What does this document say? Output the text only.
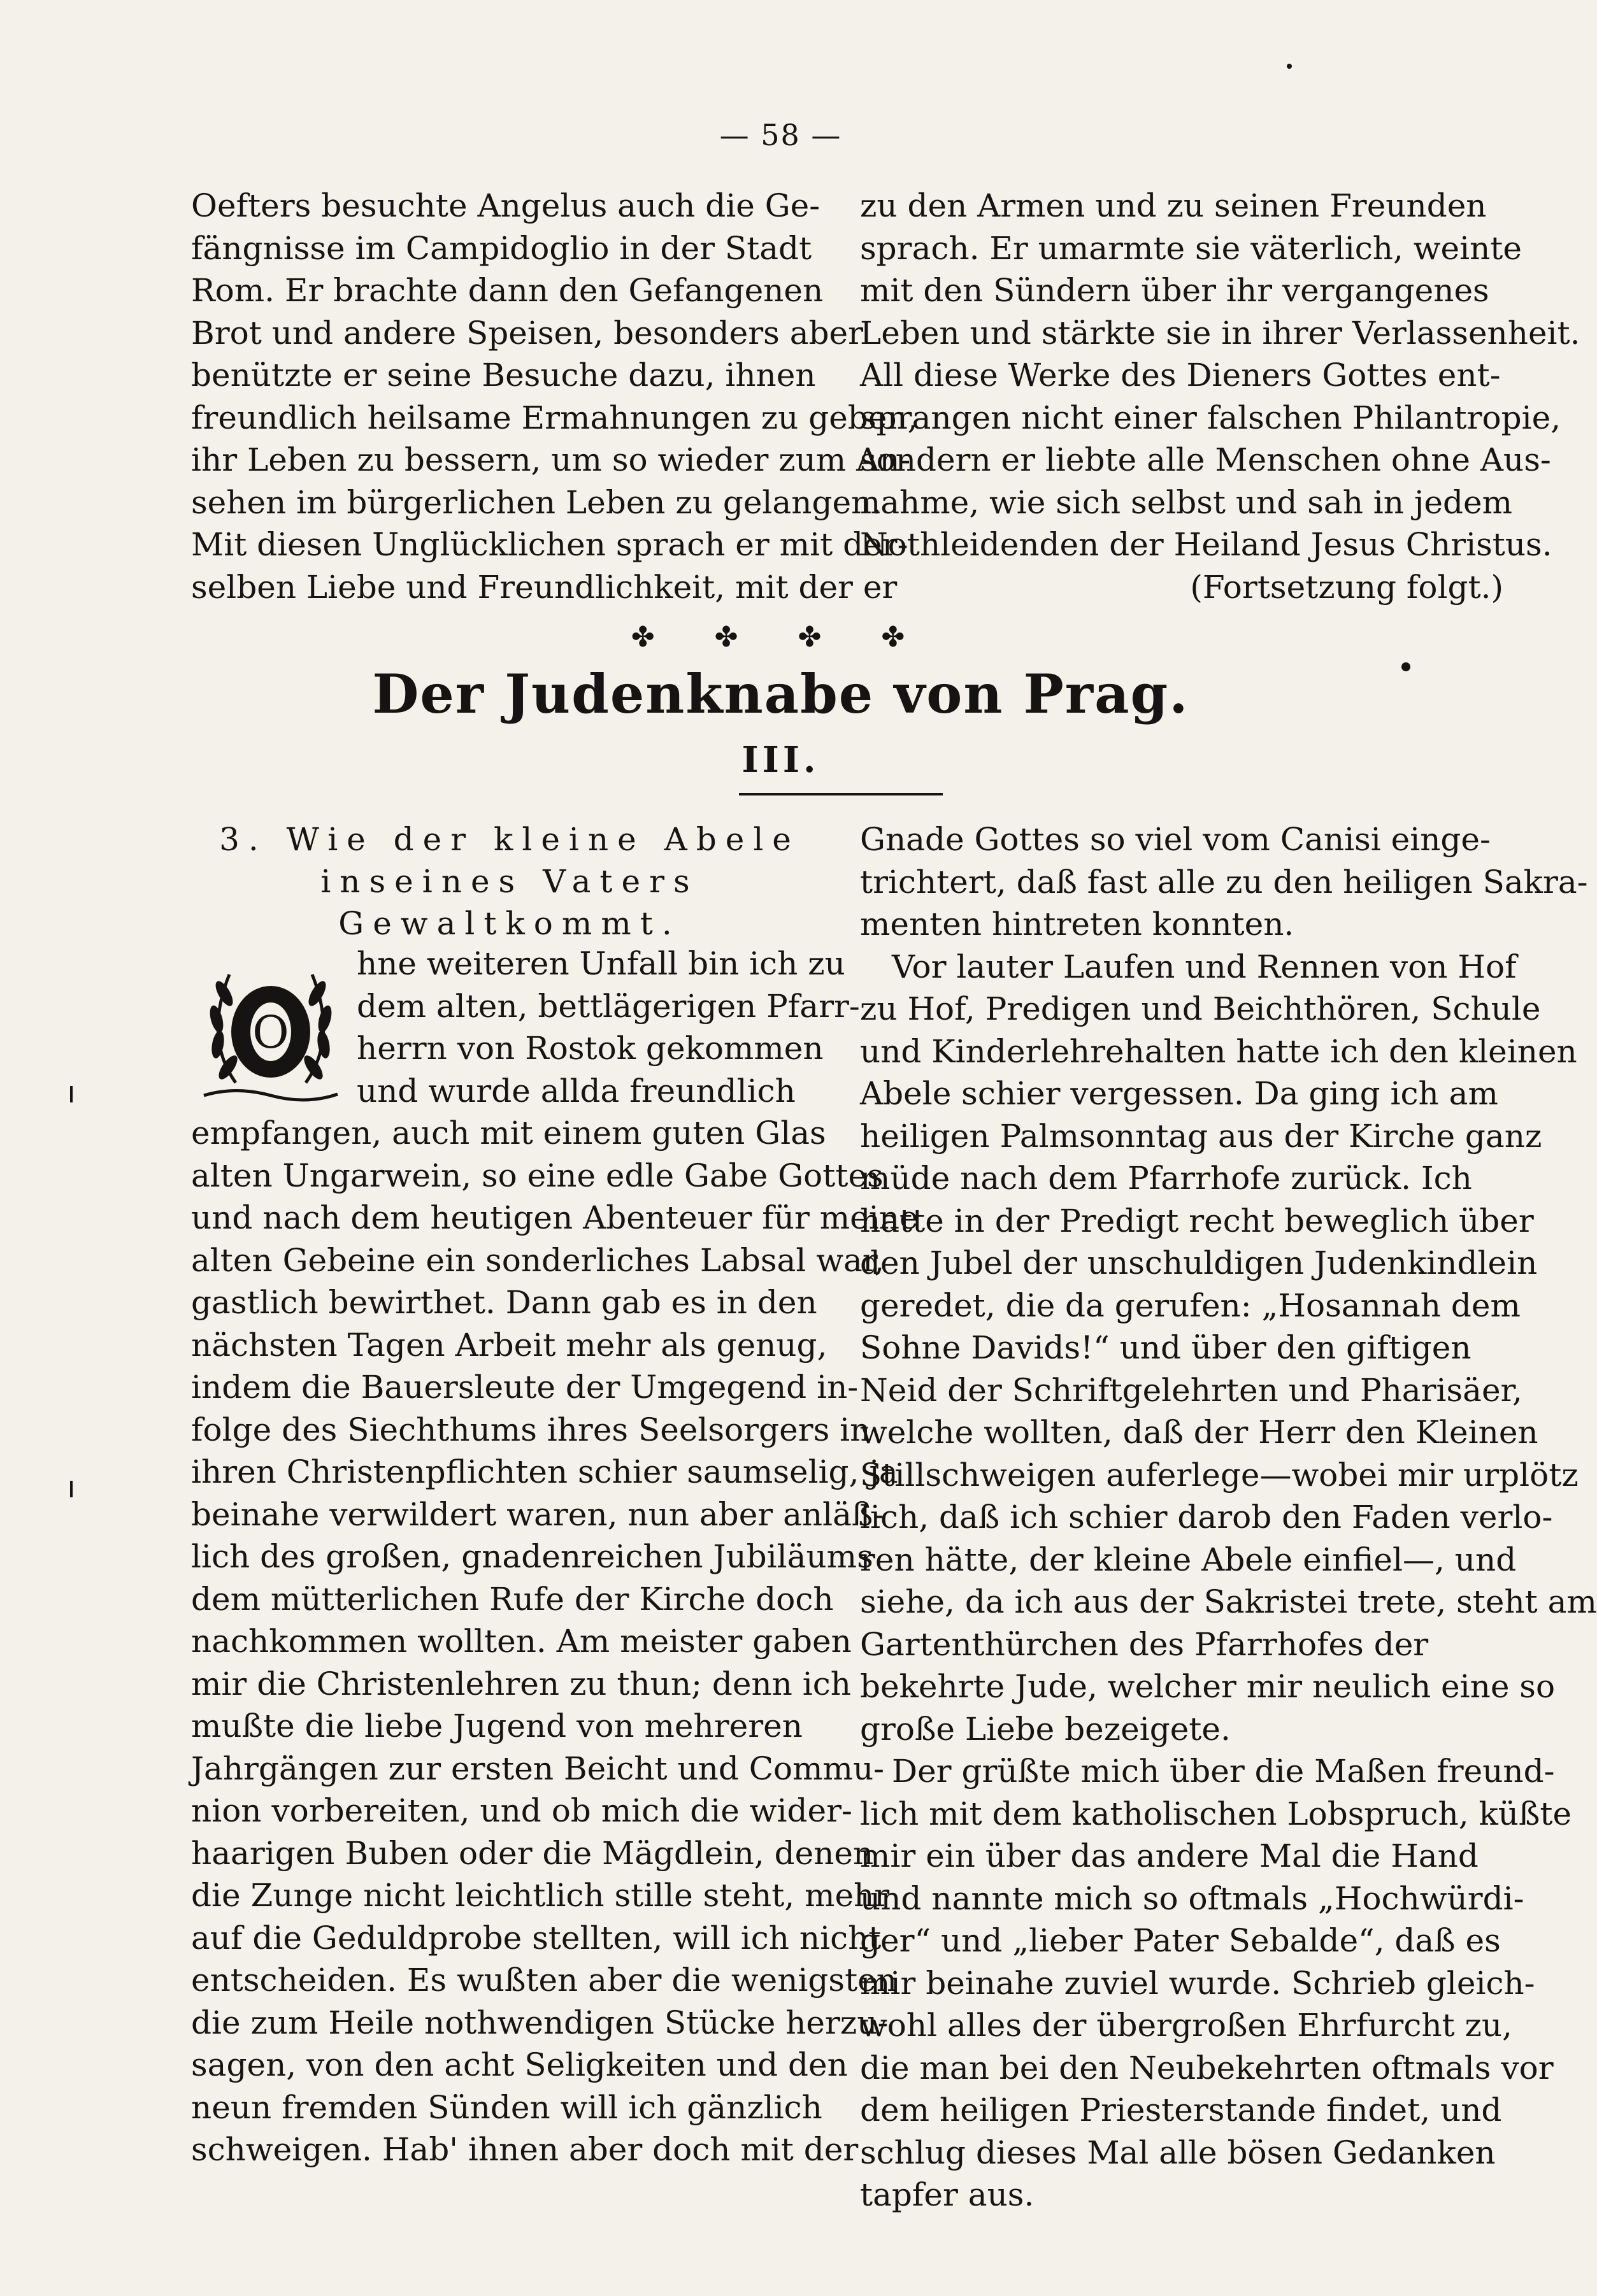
— 58 —
Oefters besuchte Angelus auch die Ge-
fängnisse im Campidoglio in der Stadt
Rom. Er brachte dann den Gefangenen
Brot und andere Speisen, besonders aber
benützte er seine Besuche dazu, ihnen
freundlich heilsame Ermahnungen zu geben,
ihr Leben zu bessern, um so wieder zum An-
sehen im bürgerlichen Leben zu gelangen.
Mit diesen Unglücklichen sprach er mit der-
selben Liebe und Freundlichkeit, mit der er
zu den Armen und zu seinen Freunden
sprach. Er umarmte sie väterlich, weinte
mit den Sündern über ihr vergangenes
Leben und stärkte sie in ihrer Verlassenheit.
All diese Werke des Dieners Gottes ent-
sprangen nicht einer falschen Philantropie,
sondern er liebte alle Menschen ohne Aus-
nahme, wie sich selbst und sah in jedem
Nothleidenden der Heiland Jesus Christus.
(Fortsetzung folgt.)
✤ ✤ ✤ ✤
Der Judenknabe von Prag.
III.
3. Wie der kleine Abele inseines Vaters Gewaltkommt.
O
hne weiteren Unfall bin ich zu
dem alten, bettlägerigen Pfarr-
herrn von Rostok gekommen
und wurde allda freundlich
empfangen, auch mit einem guten Glas
alten Ungarwein, so eine edle Gabe Gottes
und nach dem heutigen Abenteuer für meine
alten Gebeine ein sonderliches Labsal war,
gastlich bewirthet. Dann gab es in den
nächsten Tagen Arbeit mehr als genug,
indem die Bauersleute der Umgegend in-
folge des Siechthums ihres Seelsorgers in
ihren Christenpflichten schier saumselig, ja
beinahe verwildert waren, nun aber anläß-
lich des großen, gnadenreichen Jubiläums
dem mütterlichen Rufe der Kirche doch
nachkommen wollten. Am meister gaben
mir die Christenlehren zu thun; denn ich
mußte die liebe Jugend von mehreren
Jahrgängen zur ersten Beicht und Commu-
nion vorbereiten, und ob mich die wider-
haarigen Buben oder die Mägdlein, denen
die Zunge nicht leichtlich stille steht, mehr
auf die Geduldprobe stellten, will ich nicht
entscheiden. Es wußten aber die wenigsten
die zum Heile nothwendigen Stücke herzu-
sagen, von den acht Seligkeiten und den
neun fremden Sünden will ich gänzlich
schweigen. Hab' ihnen aber doch mit der
Gnade Gottes so viel vom Canisi einge-
trichtert, daß fast alle zu den heiligen Sakra-
menten hintreten konnten.
Vor lauter Laufen und Rennen von Hof
zu Hof, Predigen und Beichthören, Schule
und Kinderlehrehalten hatte ich den kleinen
Abele schier vergessen. Da ging ich am
heiligen Palmsonntag aus der Kirche ganz
müde nach dem Pfarrhofe zurück. Ich
hatte in der Predigt recht beweglich über
den Jubel der unschuldigen Judenkindlein
geredet, die da gerufen: „Hosannah dem
Sohne Davids!“ und über den giftigen
Neid der Schriftgelehrten und Pharisäer,
welche wollten, daß der Herr den Kleinen
Stillschweigen auferlege—wobei mir urplötz
lich, daß ich schier darob den Faden verlo-
ren hätte, der kleine Abele einfiel—, und
siehe, da ich aus der Sakristei trete, steht am
Gartenthürchen des Pfarrhofes der
bekehrte Jude, welcher mir neulich eine so
große Liebe bezeigete.
Der grüßte mich über die Maßen freund-
lich mit dem katholischen Lobspruch, küßte
mir ein über das andere Mal die Hand
und nannte mich so oftmals „Hochwürdi-
ger“ und „lieber Pater Sebalde“, daß es
mir beinahe zuviel wurde. Schrieb gleich-
wohl alles der übergroßen Ehrfurcht zu,
die man bei den Neubekehrten oftmals vor
dem heiligen Priesterstande findet, und
schlug dieses Mal alle bösen Gedanken
tapfer aus.
